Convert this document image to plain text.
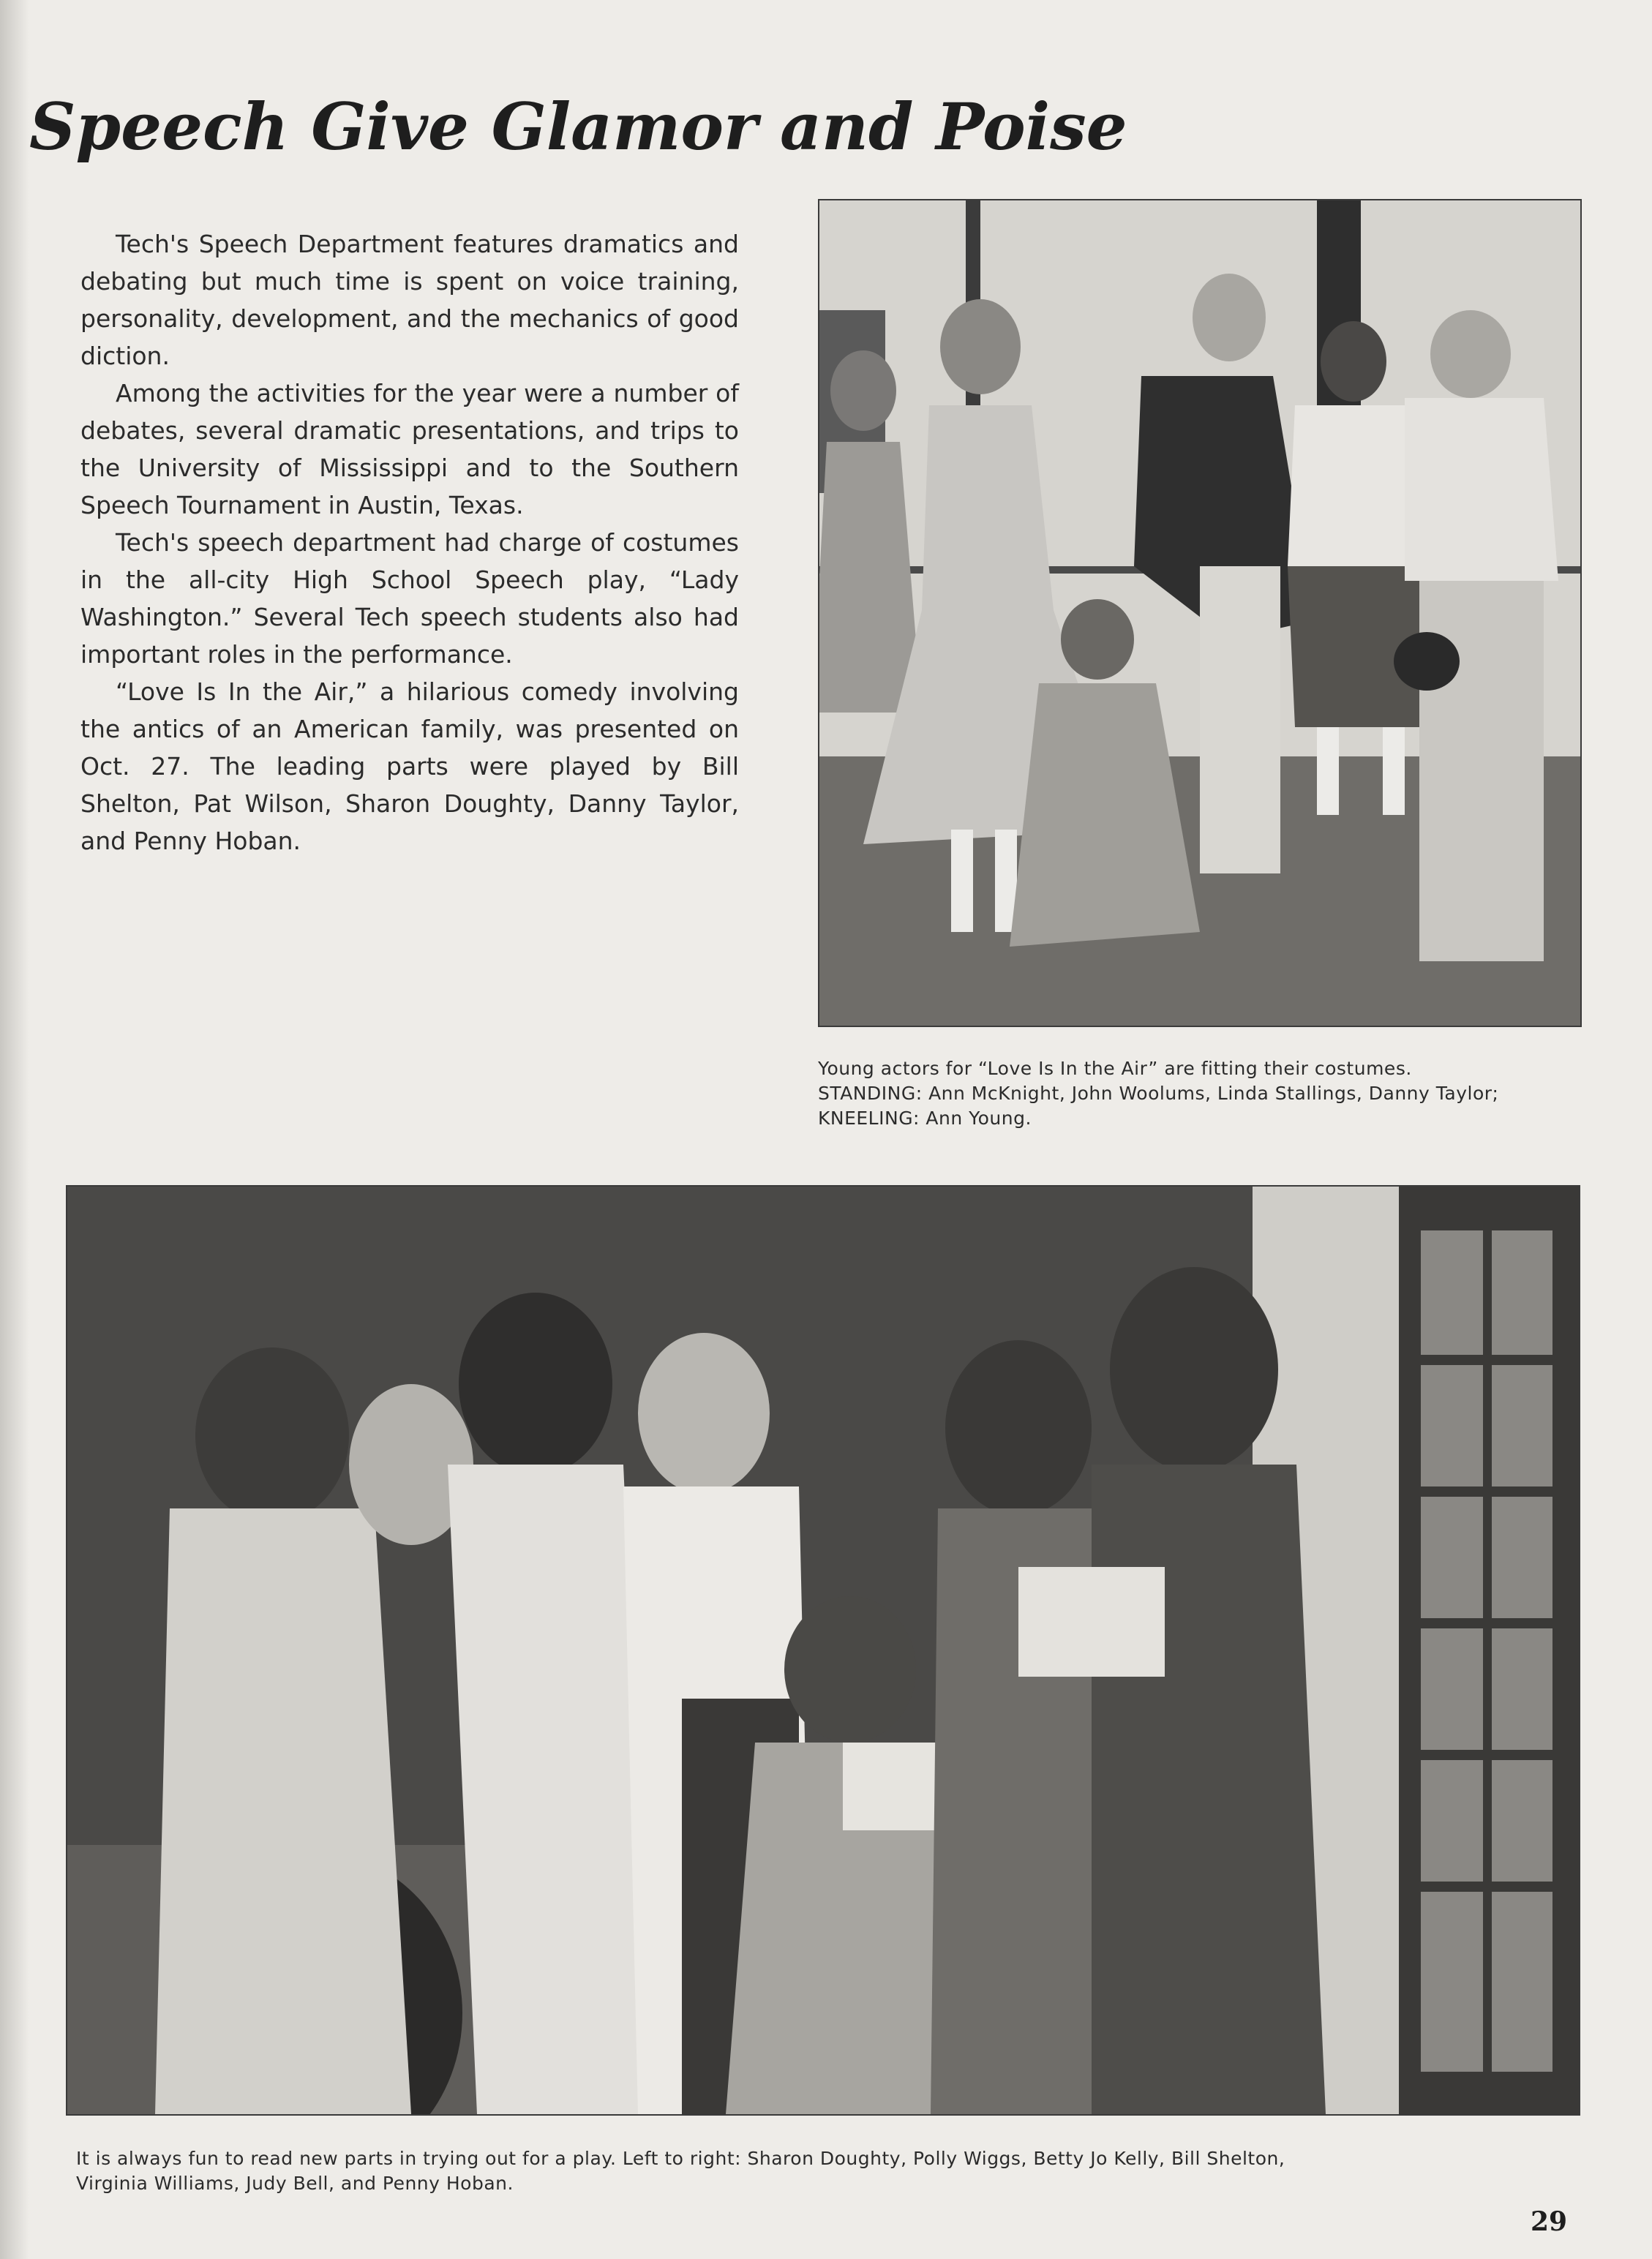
Speech Give Glamor and Poise

Tech's Speech Department features dramatics and debating but much time is spent on voice training, personality, development, and the mechanics of good diction.

Among the activities for the year were a number of debates, several dramatic presentations, and trips to the University of Mississippi and to the Southern Speech Tournament in Austin, Texas.

Tech's speech department had charge of costumes in the all-city High School Speech play, “Lady Washington.” Several Tech speech students also had important roles in the performance.

“Love Is In the Air,” a hilarious comedy involving the antics of an American family, was presented on Oct. 27. The leading parts were played by Bill Shelton, Pat Wilson, Sharon Doughty, Danny Taylor, and Penny Hoban.

Young actors for “Love Is In the Air” are fitting their costumes.
STANDING: Ann McKnight, John Woolums, Linda Stallings, Danny Taylor;
KNEELING: Ann Young.
It is always fun to read new parts in trying out for a play. Left to right: Sharon Doughty, Polly Wiggs, Betty Jo Kelly, Bill Shelton,
Virginia Williams, Judy Bell, and Penny Hoban.
29
